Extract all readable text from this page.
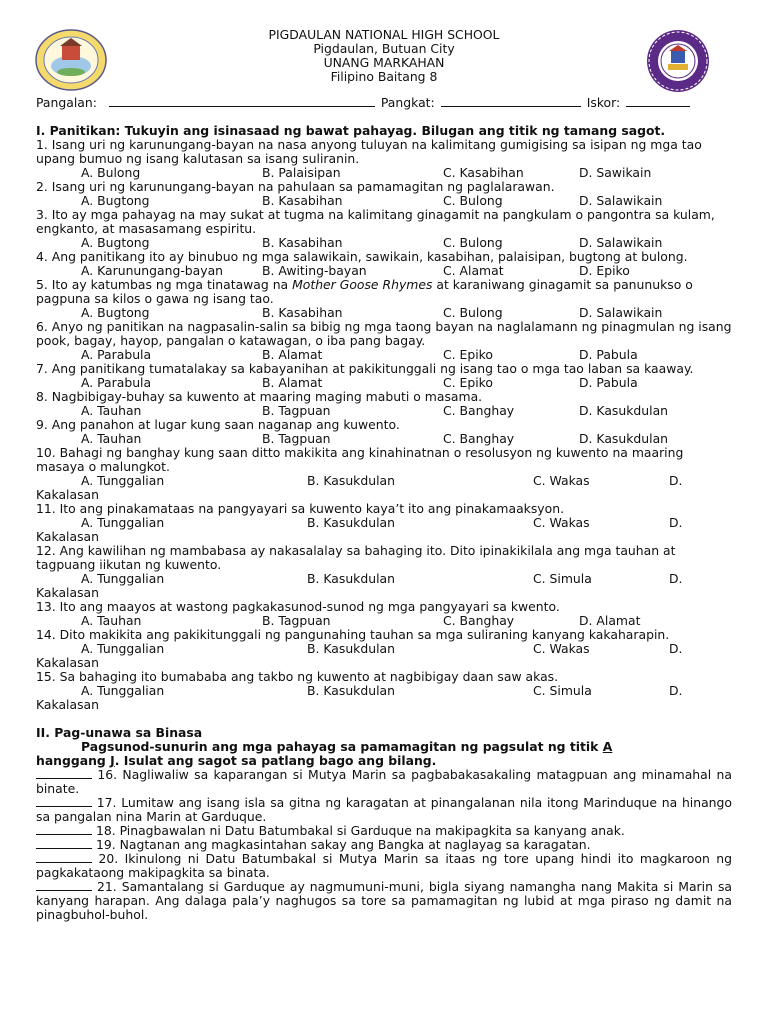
PIGDAULAN NATIONAL HIGH SCHOOL
Pigdaulan, Butuan City
UNANG MARKAHAN
Filipino Baitang 8
Pangalan:	Pangkat:	Iskor:
I. Panitikan: Tukuyin ang isinasaad ng bawat pahayag. Bilugan ang titik ng tamang sagot.
1. Isang uri ng karunungang-bayan na nasa anyong tuluyan na kalimitang gumigising sa isipan ng mga tao upang bumuo ng isang kalutasan sa isang suliranin.
A. Bulong	B. Palaisipan	C. Kasabihan	D. Sawikain
2. Isang uri ng karunungang-bayan na pahulaan sa pamamagitan ng paglalarawan.
A. Bugtong	B. Kasabihan	C. Bulong	D. Salawikain
3. Ito ay mga pahayag na may sukat at tugma na kalimitang ginagamit na pangkulam o pangontra sa kulam, engkanto, at masasamang espiritu.
A. Bugtong	B. Kasabihan	C. Bulong	D. Salawikain
4. Ang panitikang ito ay binubuo ng mga salawikain, sawikain, kasabihan, palaisipan, bugtong at bulong.
A. Karunungang-bayan	B. Awiting-bayan	C. Alamat	D. Epiko
5. Ito ay katumbas ng mga tinatawag na Mother Goose Rhymes at karaniwang ginagamit sa panunukso o pagpuna sa kilos o gawa ng isang tao.
A. Bugtong	B. Kasabihan	C. Bulong	D. Salawikain
6. Anyo ng panitikan na nagpasalin-salin sa bibig ng mga taong bayan na naglalamann ng pinagmulan ng isang pook, bagay, hayop, pangalan o katawagan, o iba pang bagay.
A. Parabula	B. Alamat	C. Epiko	D. Pabula
7. Ang panitikang tumatalakay sa kabayanihan at pakikitunggali ng isang tao o mga tao laban sa kaaway.
A. Parabula	B. Alamat	C. Epiko	D. Pabula
8. Nagbibigay-buhay sa kuwento at maaring maging mabuti o masama.
A. Tauhan	B. Tagpuan	C. Banghay	D. Kasukdulan
9. Ang panahon at lugar kung saan naganap ang kuwento.
A. Tauhan	B. Tagpuan	C. Banghay	D. Kasukdulan
10. Bahagi ng banghay kung saan ditto makikita ang kinahinatnan o resolusyon ng kuwento na maaring masaya o malungkot.
A. Tunggalian	B. Kasukdulan	C. Wakas	D.
Kakalasan
11. Ito ang pinakamataas na pangyayari sa kuwento kaya’t ito ang pinakamaaksyon.
A. Tunggalian	B. Kasukdulan	C. Wakas	D.
Kakalasan
12. Ang kawilihan ng mambabasa ay nakasalalay sa bahaging ito. Dito ipinakikilala ang mga tauhan at tagpuang iikutan ng kuwento.
A. Tunggalian	B. Kasukdulan	C. Simula	D.
Kakalasan
13. Ito ang maayos at wastong pagkakasunod-sunod ng mga pangyayari sa kwento.
A. Tauhan	B. Tagpuan	C. Banghay	D. Alamat
14. Dito makikita ang pakikitunggali ng pangunahing tauhan sa mga suliraning kanyang kakaharapin.
A. Tunggalian	B. Kasukdulan	C. Wakas	D.
Kakalasan
15. Sa bahaging ito bumababa ang takbo ng kuwento at nagbibigay daan saw akas.
A. Tunggalian	B. Kasukdulan	C. Simula	D.
Kakalasan
II. Pag-unawa sa Binasa
Pagsunod-sunurin ang mga pahayag sa pamamagitan ng pagsulat ng titik A
hanggang J. Isulat ang sagot sa patlang bago ang bilang.
16. Nagliwaliw sa kaparangan si Mutya Marin sa pagbabakasakaling matagpuan ang minamahal na binate.
17. Lumitaw ang isang isla sa gitna ng karagatan at pinangalanan nila itong Marinduque na hinango sa pangalan nina Marin at Garduque.
18. Pinagbawalan ni Datu Batumbakal si Garduque na makipagkita sa kanyang anak.
19. Nagtanan ang magkasintahan sakay ang Bangka at naglayag sa karagatan.
20. Ikinulong ni Datu Batumbakal si Mutya Marin sa itaas ng tore upang hindi ito magkaroon ng pagkakataong makipagkita sa binata.
21. Samantalang si Garduque ay nagmumuni-muni, bigla siyang namangha nang Makita si Marin sa kanyang harapan. Ang dalaga pala’y naghugos sa tore sa pamamagitan ng lubid at mga piraso ng damit na pinagbuhol-buhol.
